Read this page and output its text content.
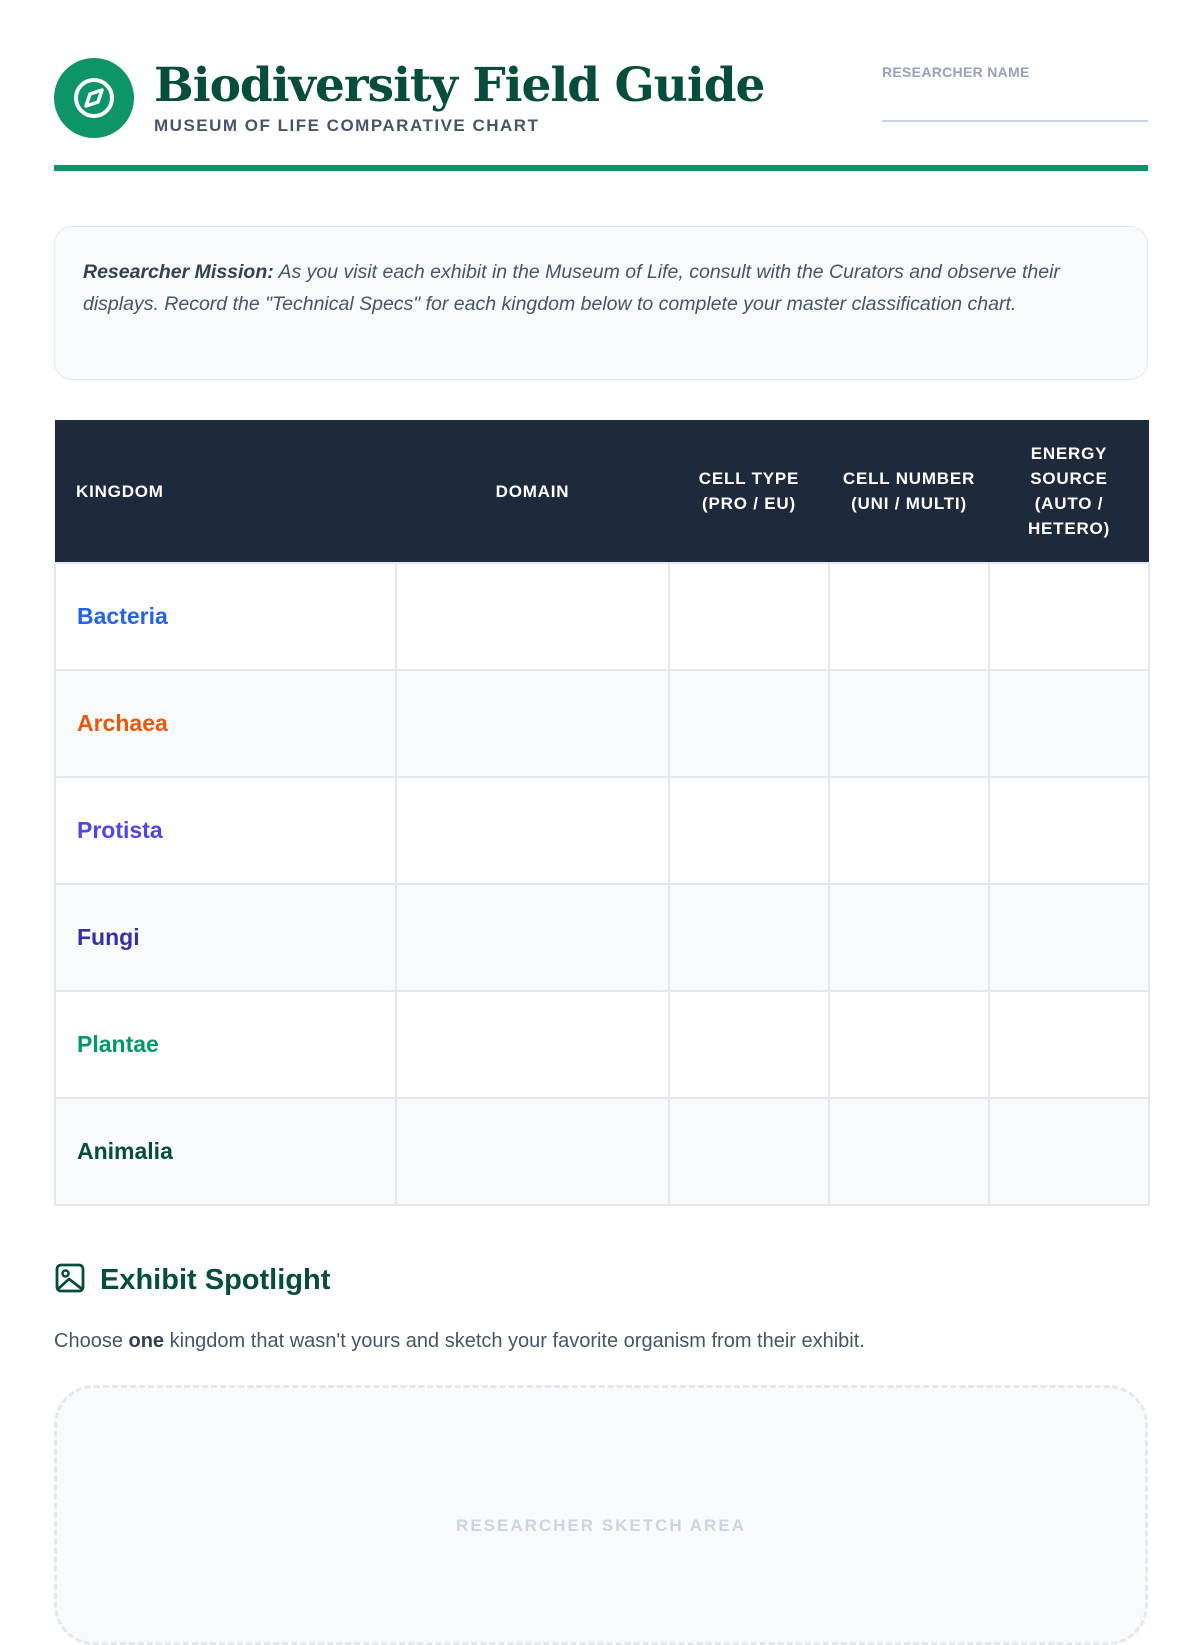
Biodiversity Field Guide
MUSEUM OF LIFE COMPARATIVE CHART
RESEARCHER NAME
Researcher Mission: As you visit each exhibit in the Museum of Life, consult with the Curators and observe their displays. Record the "Technical Specs" for each kingdom below to complete your master classification chart.
KINGDOM	DOMAIN	CELL TYPE (PRO / EU)	CELL NUMBER (UNI / MULTI)	ENERGY SOURCE (AUTO / HETERO)
Bacteria				
Archaea				
Protista				
Fungi				
Plantae				
Animalia				
Exhibit Spotlight

Choose one kingdom that wasn't yours and sketch your favorite organism from their exhibit.

RESEARCHER SKETCH AREA
